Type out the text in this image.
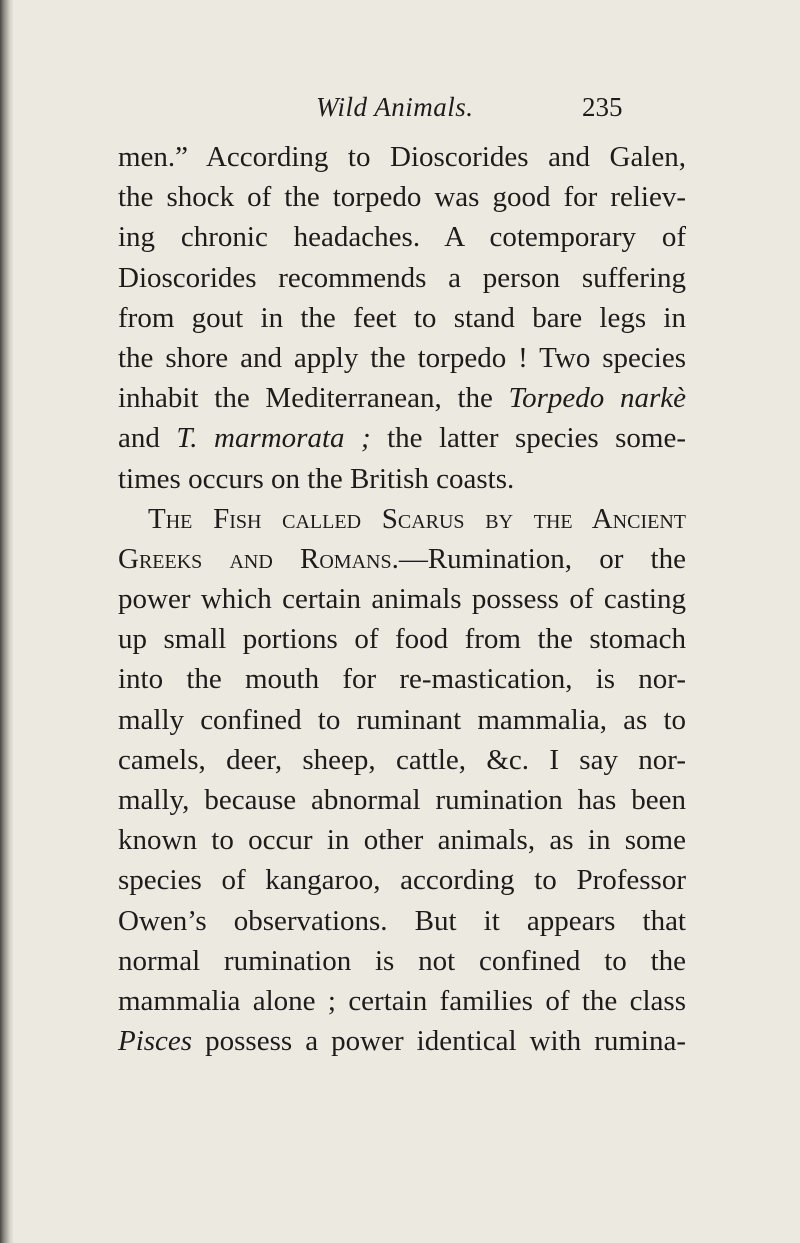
Wild Animals.	235
men.” According to Dioscorides and Galen,
the shock of the torpedo was good for reliev-
ing chronic headaches. A cotemporary of
Dioscorides recommends a person suffering
from gout in the feet to stand bare legs in
the shore and apply the torpedo ! Two species
inhabit the Mediterranean, the Torpedo narkè
and T. marmorata ; the latter species some-
times occurs on the British coasts.
The Fish called Scarus by the Ancient
Greeks and Romans.—Rumination, or the
power which certain animals possess of casting
up small portions of food from the stomach
into the mouth for re-mastication, is nor-
mally confined to ruminant mammalia, as to
camels, deer, sheep, cattle, &c. I say nor-
mally, because abnormal rumination has been
known to occur in other animals, as in some
species of kangaroo, according to Professor
Owen’s observations. But it appears that
normal rumination is not confined to the
mammalia alone ; certain families of the class
Pisces possess a power identical with rumina-
